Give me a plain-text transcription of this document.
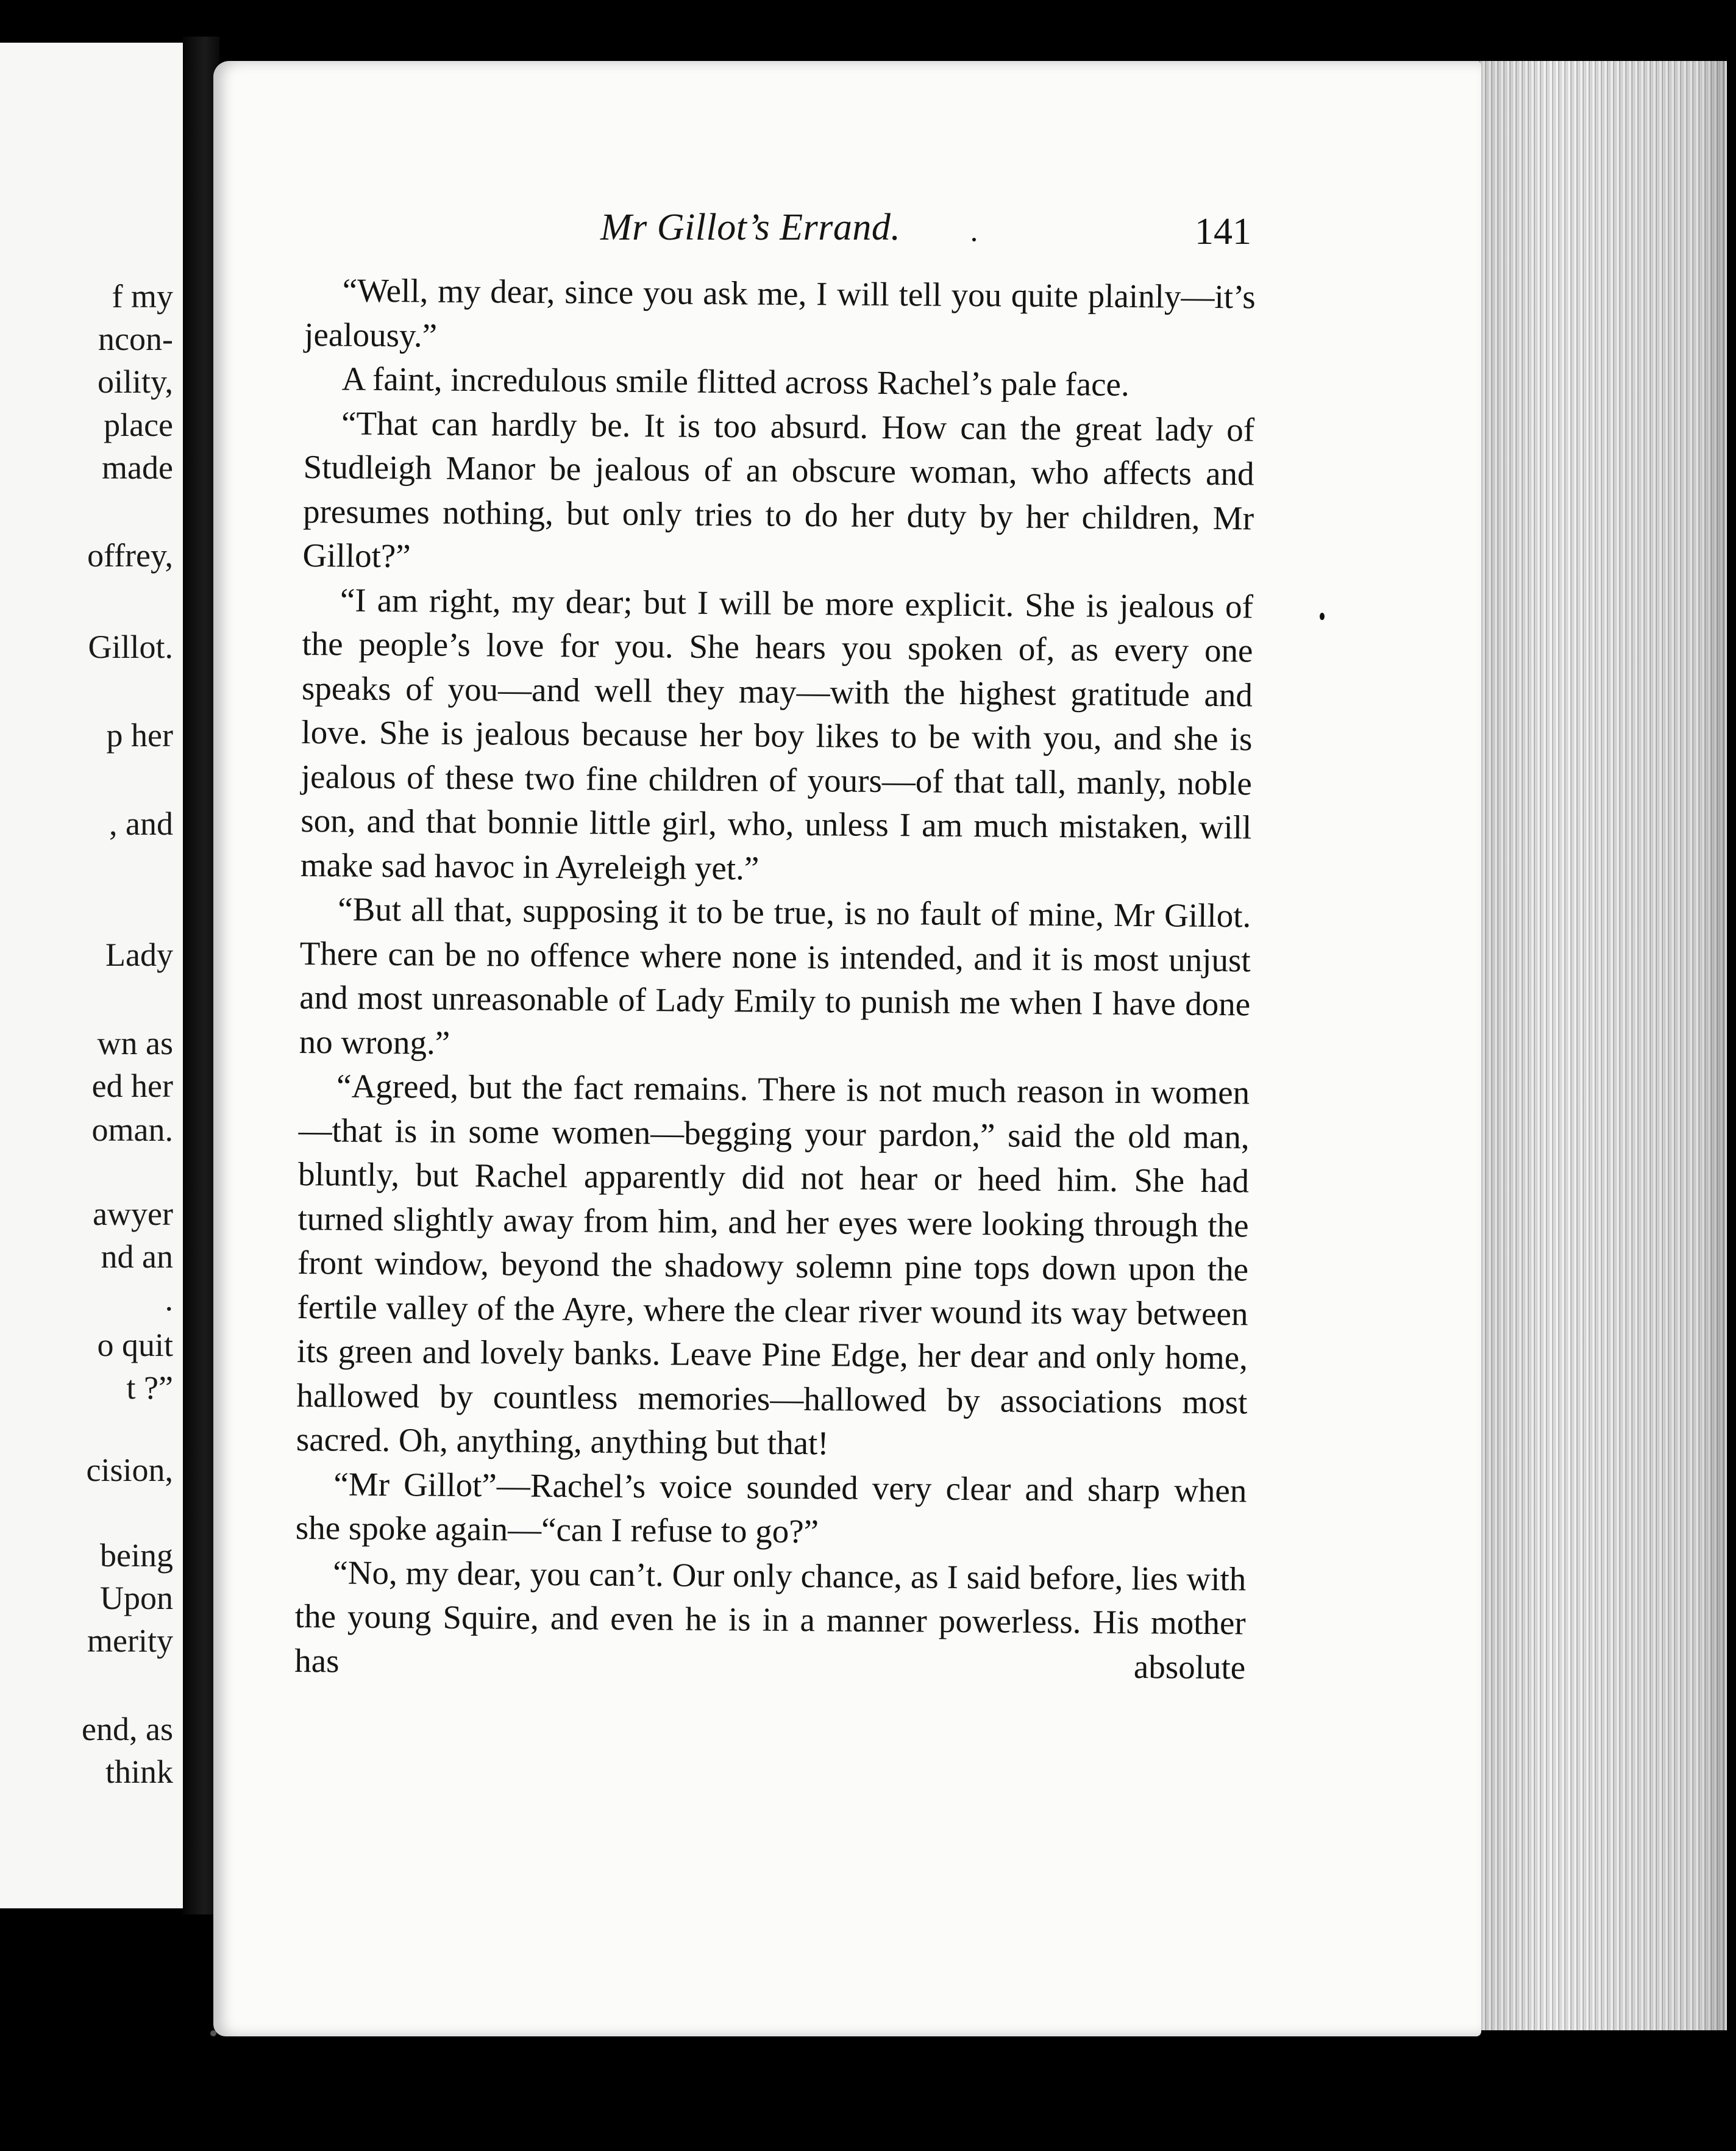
f my
ncon-
oility,
place
made
offrey,
Gillot.
p her
, and
Lady
wn as
ed her
oman.
awyer
nd an
.
o quit
t ?”
cision,
being
Upon
merity
end, as
think
Mr Gillot’s Errand.	141

“Well, my dear, since you ask me, I will tell you quite plainly—it’s jealousy.”

A faint, incredulous smile flitted across Rachel’s pale face.

“That can hardly be. It is too absurd. How can the great lady of Studleigh Manor be jealous of an obscure woman, who affects and presumes nothing, but only tries to do her duty by her children, Mr Gillot?”

“I am right, my dear; but I will be more explicit. She is jealous of the people’s love for you. She hears you spoken of, as every one speaks of you—and well they may—with the highest gratitude and love. She is jealous because her boy likes to be with you, and she is jealous of these two fine children of yours—of that tall, manly, noble son, and that bonnie little girl, who, unless I am much mistaken, will make sad havoc in Ayreleigh yet.”

“But all that, supposing it to be true, is no fault of mine, Mr Gillot. There can be no offence where none is intended, and it is most unjust and most unreasonable of Lady Emily to punish me when I have done no wrong.”

“Agreed, but the fact remains. There is not much reason in women—that is in some women—begging your pardon,” said the old man, bluntly, but Rachel apparently did not hear or heed him. She had turned slightly away from him, and her eyes were looking through the front window, beyond the shadowy solemn pine tops down upon the fertile valley of the Ayre, where the clear river wound its way between its green and lovely banks. Leave Pine Edge, her dear and only home, hallowed by countless memories—hallowed by associations most sacred. Oh, anything, anything but that!

“Mr Gillot”—Rachel’s voice sounded very clear and sharp when she spoke again—“can I refuse to go?”

“No, my dear, you can’t. Our only chance, as I said before, lies with the young Squire, and even he is in a manner powerless. His mother has absolute
